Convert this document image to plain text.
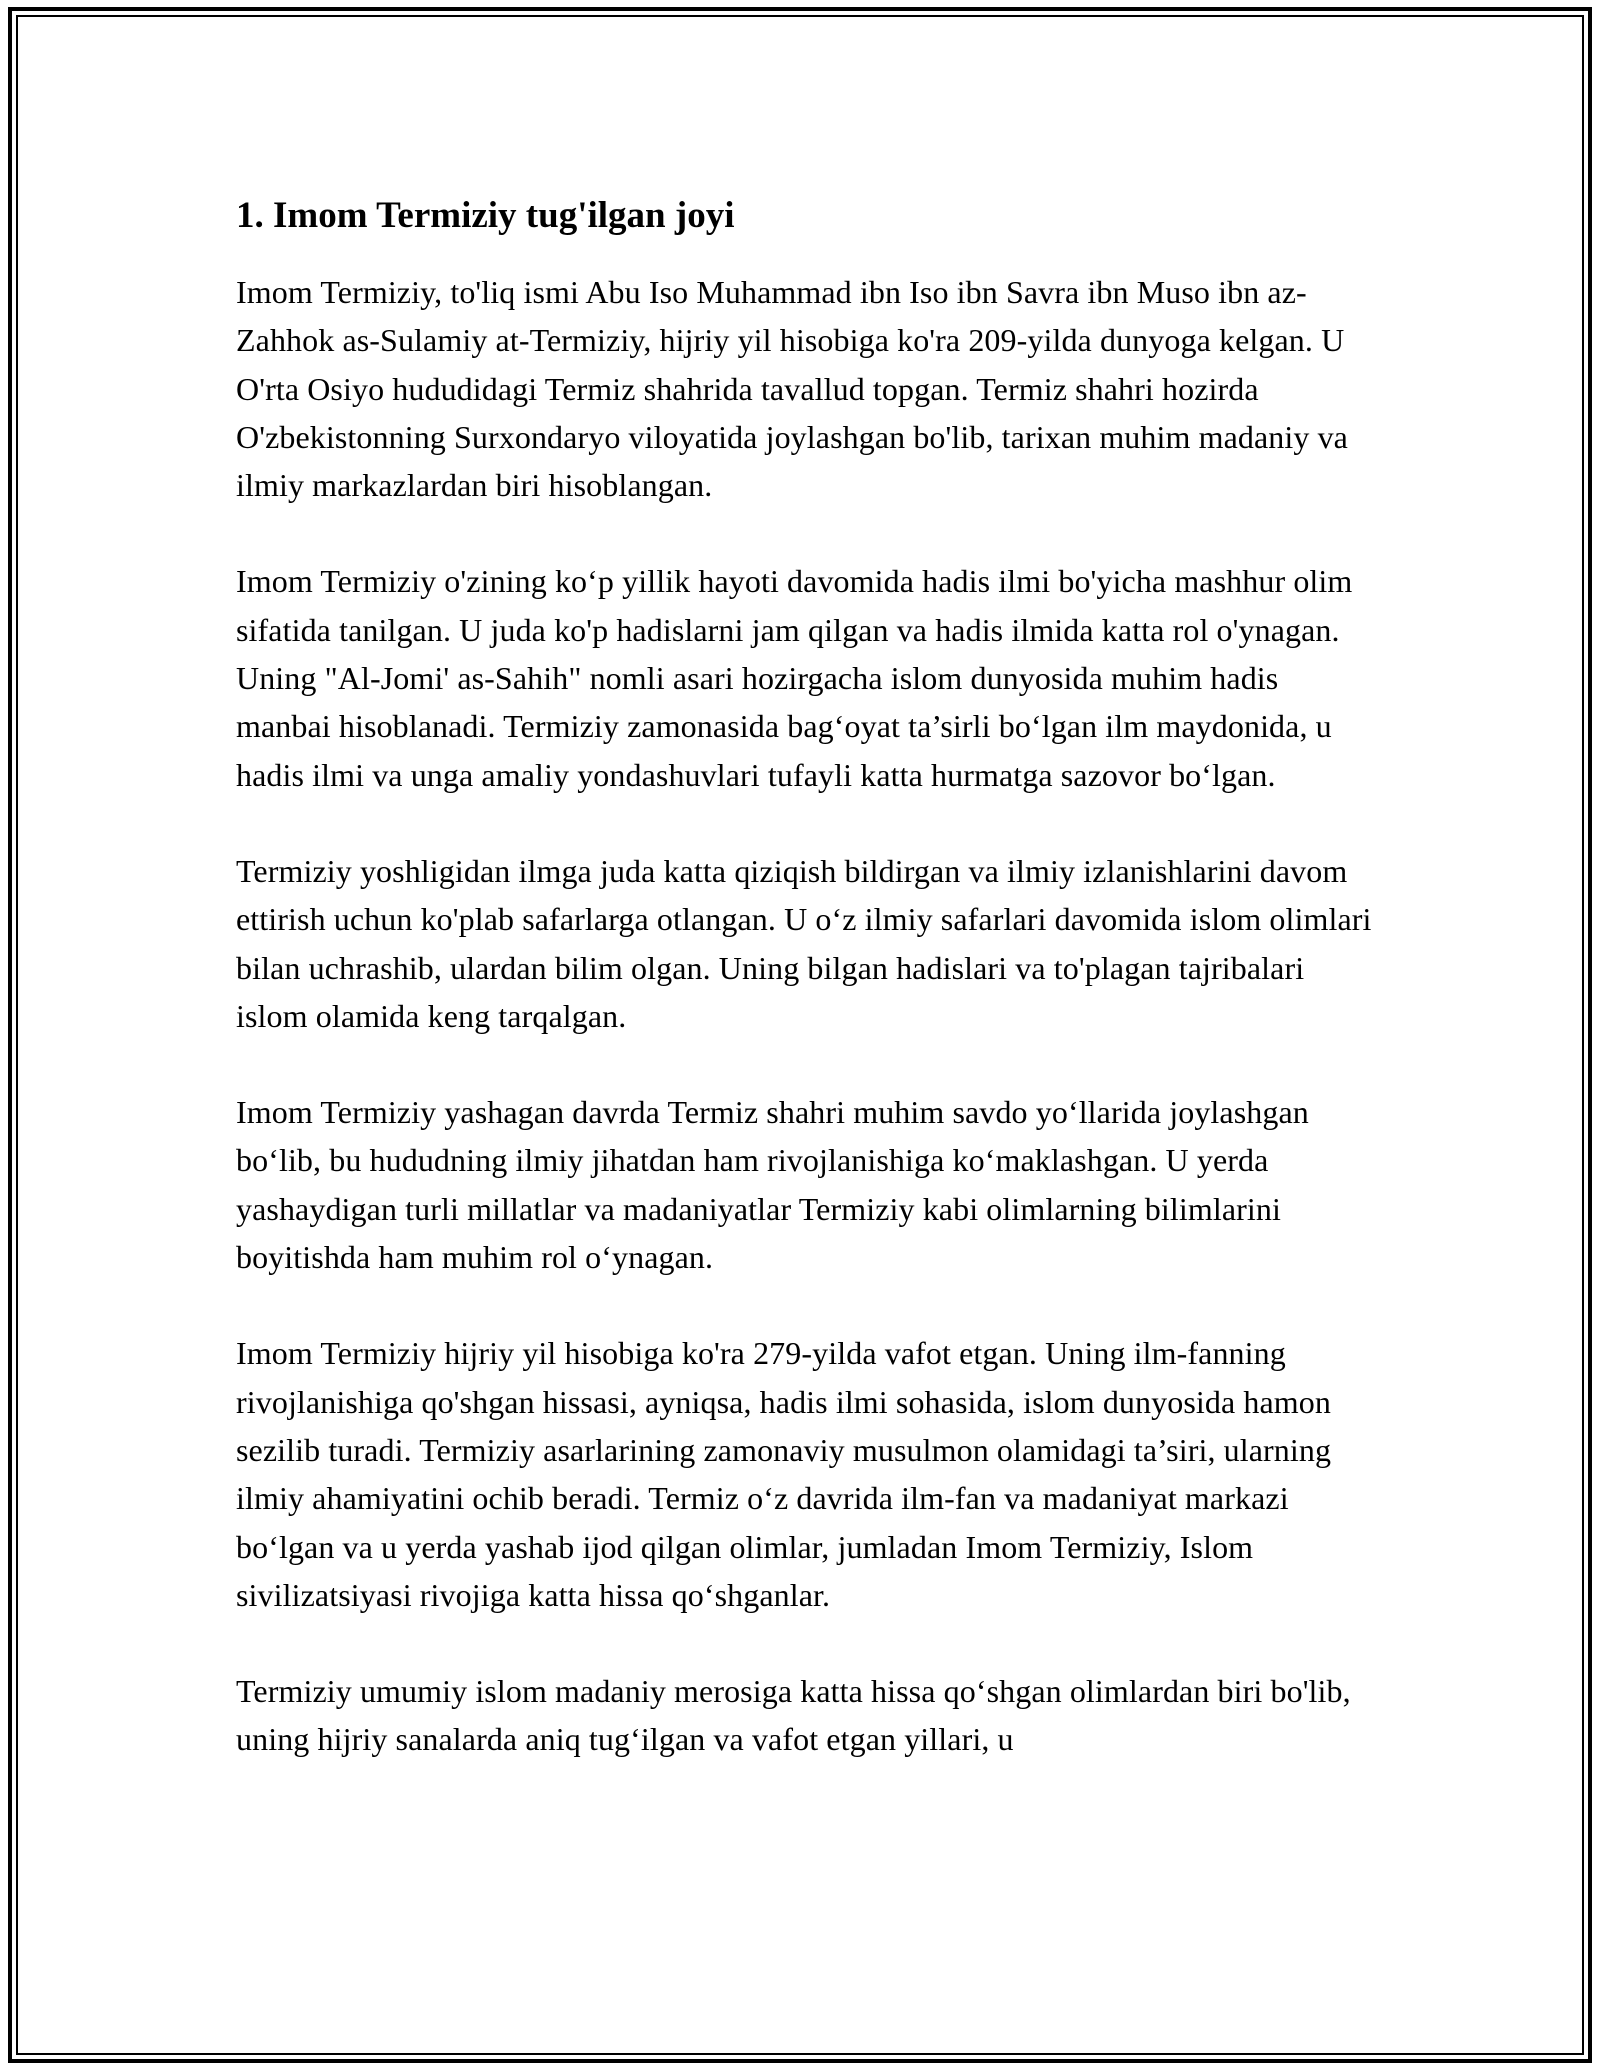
1. Imom Termiziy tug'ilgan joyi

Imom Termiziy, to'liq ismi Abu Iso Muhammad ibn Iso ibn Savra ibn Muso ibn az-Zahhok as-Sulamiy at-Termiziy, hijriy yil hisobiga ko'ra 209-yilda dunyoga kelgan. U O'rta Osiyo hududidagi Termiz shahrida tavallud topgan. Termiz shahri hozirda O'zbekistonning Surxondaryo viloyatida joylashgan bo'lib, tarixan muhim madaniy va ilmiy markazlardan biri hisoblangan.

Imom Termiziy o'zining ko‘p yillik hayoti davomida hadis ilmi bo'yicha mashhur olim sifatida tanilgan. U juda ko'p hadislarni jam qilgan va hadis ilmida katta rol o'ynagan. Uning "Al-Jomi' as-Sahih" nomli asari hozirgacha islom dunyosida muhim hadis manbai hisoblanadi. Termiziy zamonasida bag‘oyat ta’sirli bo‘lgan ilm maydonida, u hadis ilmi va unga amaliy yondashuvlari tufayli katta hurmatga sazovor bo‘lgan.

Termiziy yoshligidan ilmga juda katta qiziqish bildirgan va ilmiy izlanishlarini davom ettirish uchun ko'plab safarlarga otlangan. U o‘z ilmiy safarlari davomida islom olimlari bilan uchrashib, ulardan bilim olgan. Uning bilgan hadislari va to'plagan tajribalari islom olamida keng tarqalgan.

Imom Termiziy yashagan davrda Termiz shahri muhim savdo yo‘llarida joylashgan bo‘lib, bu hududning ilmiy jihatdan ham rivojlanishiga ko‘maklashgan. U yerda yashaydigan turli millatlar va madaniyatlar Termiziy kabi olimlarning bilimlarini boyitishda ham muhim rol o‘ynagan.

Imom Termiziy hijriy yil hisobiga ko'ra 279-yilda vafot etgan. Uning ilm-fanning rivojlanishiga qo'shgan hissasi, ayniqsa, hadis ilmi sohasida, islom dunyosida hamon sezilib turadi. Termiziy asarlarining zamonaviy musulmon olamidagi ta’siri, ularning ilmiy ahamiyatini ochib beradi. Termiz o‘z davrida ilm-fan va madaniyat markazi bo‘lgan va u yerda yashab ijod qilgan olimlar, jumladan Imom Termiziy, Islom sivilizatsiyasi rivojiga katta hissa qo‘shganlar.

Termiziy umumiy islom madaniy merosiga katta hissa qo‘shgan olimlardan biri bo'lib, uning hijriy sanalarda aniq tug‘ilgan va vafot etgan yillari, u
